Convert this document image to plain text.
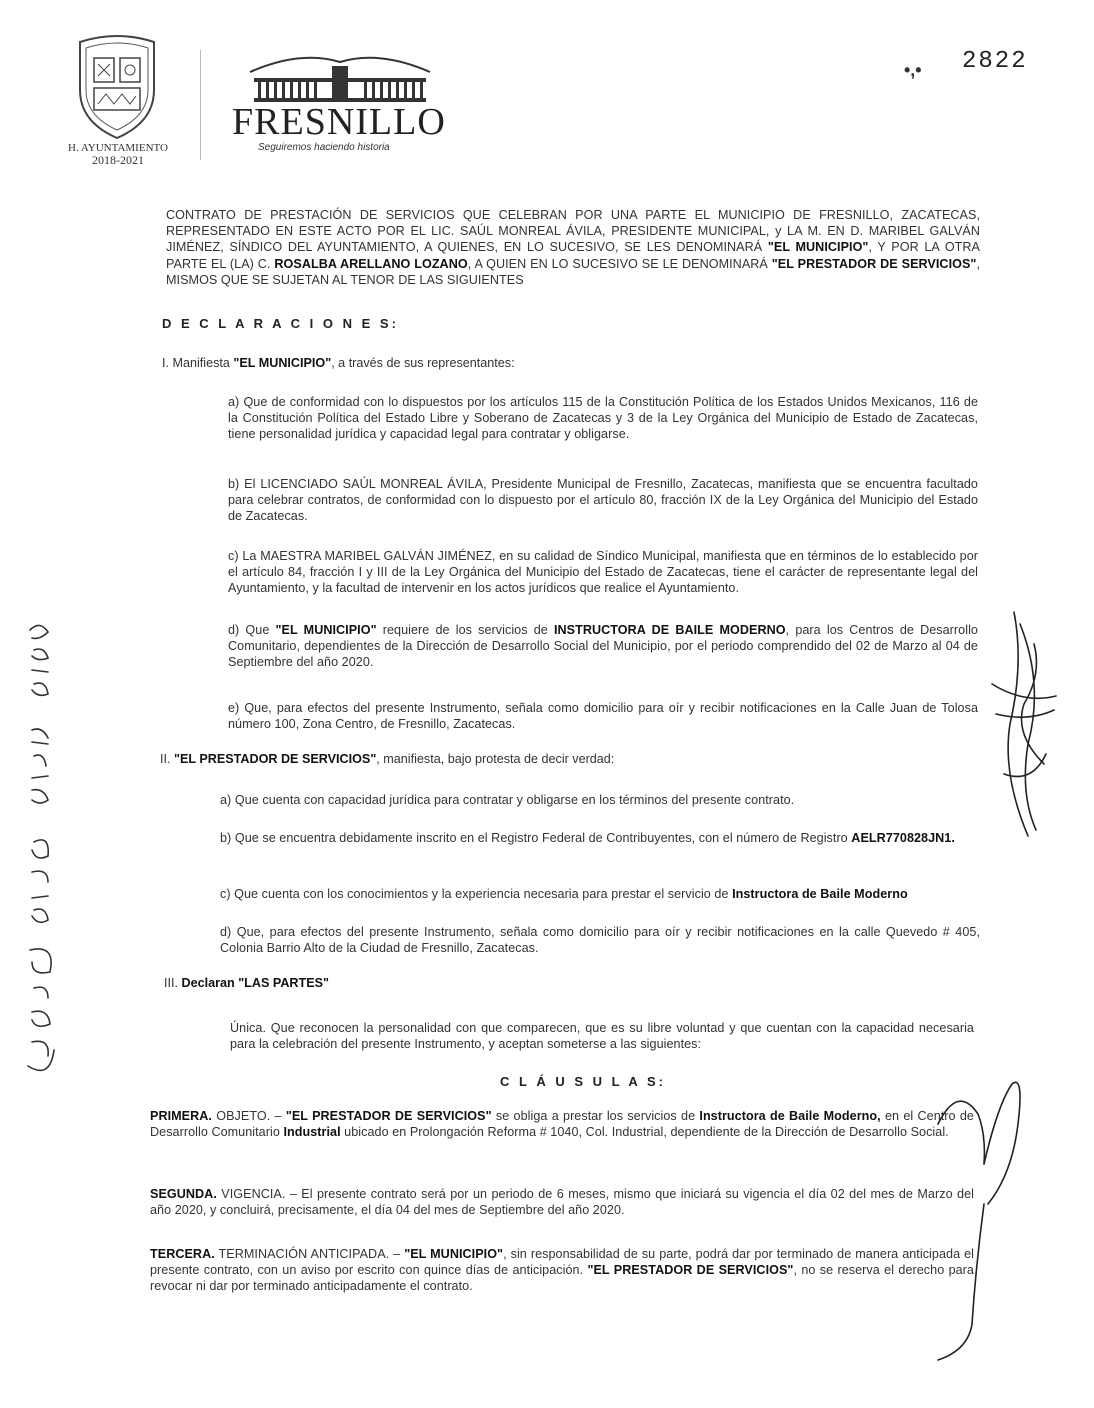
H. AYUNTAMIENTO
2018-2021
FRESNILLO
Seguiremos haciendo historia
•,• 2822
CONTRATO DE PRESTACIÓN DE SERVICIOS QUE CELEBRAN POR UNA PARTE EL MUNICIPIO DE FRESNILLO, ZACATECAS, REPRESENTADO EN ESTE ACTO POR EL LIC. SAÚL MONREAL ÁVILA, PRESIDENTE MUNICIPAL, y LA M. EN D. MARIBEL GALVÁN JIMÉNEZ, SÍNDICO DEL AYUNTAMIENTO, A QUIENES, EN LO SUCESIVO, SE LES DENOMINARÁ "EL MUNICIPIO", Y POR LA OTRA PARTE EL (LA) C. ROSALBA ARELLANO LOZANO, A QUIEN EN LO SUCESIVO SE LE DENOMINARÁ "EL PRESTADOR DE SERVICIOS", MISMOS QUE SE SUJETAN AL TENOR DE LAS SIGUIENTES
D E C L A R A C I O N E S:
I. Manifiesta "EL MUNICIPIO", a través de sus representantes:
a) Que de conformidad con lo dispuestos por los artículos 115 de la Constitución Política de los Estados Unidos Mexicanos, 116 de la Constitución Política del Estado Libre y Soberano de Zacatecas y 3 de la Ley Orgánica del Municipio de Estado de Zacatecas, tiene personalidad jurídica y capacidad legal para contratar y obligarse.
b) El LICENCIADO SAÚL MONREAL ÁVILA, Presidente Municipal de Fresnillo, Zacatecas, manifiesta que se encuentra facultado para celebrar contratos, de conformidad con lo dispuesto por el artículo 80, fracción IX de la Ley Orgánica del Municipio del Estado de Zacatecas.
c) La MAESTRA MARIBEL GALVÁN JIMÉNEZ, en su calidad de Síndico Municipal, manifiesta que en términos de lo establecido por el artículo 84, fracción I y III de la Ley Orgánica del Municipio del Estado de Zacatecas, tiene el carácter de representante legal del Ayuntamiento, y la facultad de intervenir en los actos jurídicos que realice el Ayuntamiento.
d) Que "EL MUNICIPIO" requiere de los servicios de INSTRUCTORA DE BAILE MODERNO, para los Centros de Desarrollo Comunitario, dependientes de la Dirección de Desarrollo Social del Municipio, por el periodo comprendido del 02 de Marzo al 04 de Septiembre del año 2020.
e) Que, para efectos del presente Instrumento, señala como domicilio para oír y recibir notificaciones en la Calle Juan de Tolosa número 100, Zona Centro, de Fresnillo, Zacatecas.
II. "EL PRESTADOR DE SERVICIOS", manifiesta, bajo protesta de decir verdad:
a) Que cuenta con capacidad jurídica para contratar y obligarse en los términos del presente contrato.
b) Que se encuentra debidamente inscrito en el Registro Federal de Contribuyentes, con el número de Registro AELR770828JN1.
c) Que cuenta con los conocimientos y la experiencia necesaria para prestar el servicio de Instructora de Baile Moderno
d) Que, para efectos del presente Instrumento, señala como domicilio para oír y recibir notificaciones en la calle Quevedo # 405, Colonia Barrio Alto de la Ciudad de Fresnillo, Zacatecas.
III. Declaran "LAS PARTES"
Única. Que reconocen la personalidad con que comparecen, que es su libre voluntad y que cuentan con la capacidad necesaria para la celebración del presente Instrumento, y aceptan someterse a las siguientes:
C L Á U S U L A S:
PRIMERA. OBJETO. – "EL PRESTADOR DE SERVICIOS" se obliga a prestar los servicios de Instructora de Baile Moderno, en el Centro de Desarrollo Comunitario Industrial ubicado en Prolongación Reforma # 1040, Col. Industrial, dependiente de la Dirección de Desarrollo Social.
SEGUNDA. VIGENCIA. – El presente contrato será por un periodo de 6 meses, mismo que iniciará su vigencia el día 02 del mes de Marzo del año 2020, y concluirá, precisamente, el día 04 del mes de Septiembre del año 2020.
TERCERA. TERMINACIÓN ANTICIPADA. – "EL MUNICIPIO", sin responsabilidad de su parte, podrá dar por terminado de manera anticipada el presente contrato, con un aviso por escrito con quince días de anticipación. "EL PRESTADOR DE SERVICIOS", no se reserva el derecho para revocar ni dar por terminado anticipadamente el contrato.
